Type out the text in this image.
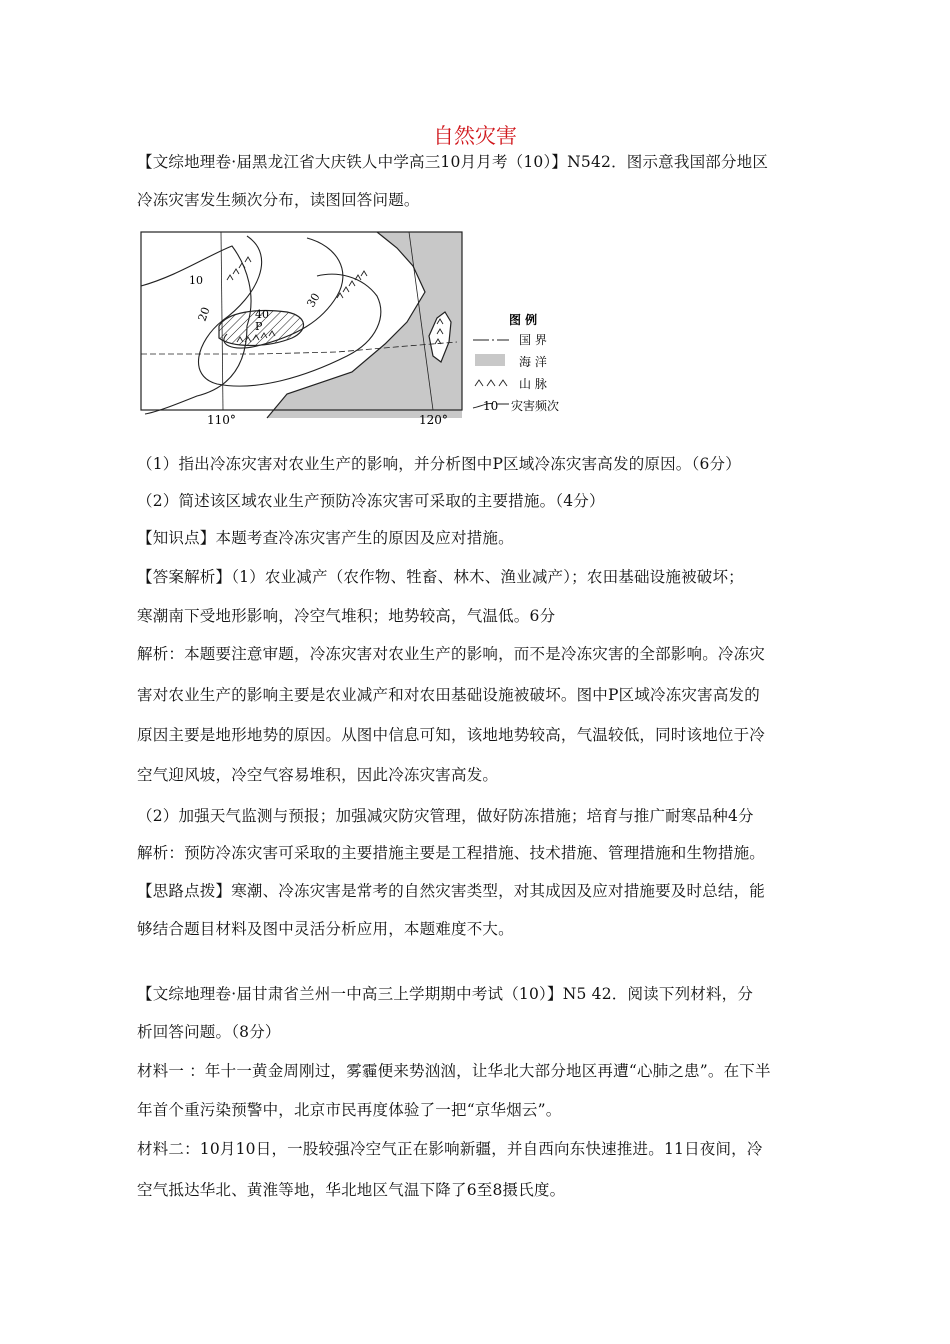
自然灾害
【文综地理卷·届黑龙江省大庆铁人中学高三10月月考（10）】N542．图示意我国部分地区
冷冻灾害发生频次分布，读图回答问题。
10
20
30
40
P
110°	120°
图 例
国 界
海 洋
山 脉
10 灾害频次
（1）指出冷冻灾害对农业生产的影响，并分析图中P区域冷冻灾害高发的原因。（6分）
（2）简述该区域农业生产预防冷冻灾害可采取的主要措施。（4分）
【知识点】本题考查冷冻灾害产生的原因及应对措施。
【答案解析】（1）农业减产（农作物、牲畜、林木、渔业减产）；农田基础设施被破坏；
寒潮南下受地形影响，冷空气堆积；地势较高，气温低。6分
解析：本题要注意审题，冷冻灾害对农业生产的影响，而不是冷冻灾害的全部影响。冷冻灾
害对农业生产的影响主要是农业减产和对农田基础设施被破坏。图中P区域冷冻灾害高发的
原因主要是地形地势的原因。从图中信息可知，该地地势较高，气温较低，同时该地位于冷
空气迎风坡，冷空气容易堆积，因此冷冻灾害高发。
（2）加强天气监测与预报；加强减灾防灾管理，做好防冻措施；培育与推广耐寒品种4分
解析：预防冷冻灾害可采取的主要措施主要是工程措施、技术措施、管理措施和生物措施。
【思路点拨】寒潮、冷冻灾害是常考的自然灾害类型，对其成因及应对措施要及时总结，能
够结合题目材料及图中灵活分析应用，本题难度不大。
【文综地理卷·届甘肃省兰州一中高三上学期期中考试（10）】N5 42．阅读下列材料，分
析回答问题。（8分）
材料一 ：年十一黄金周刚过，雾霾便来势汹汹，让华北大部分地区再遭“心肺之患”。在下半
年首个重污染预警中，北京市民再度体验了一把“京华烟云”。
材料二：10月10日，一股较强冷空气正在影响新疆，并自西向东快速推进。11日夜间，冷
空气抵达华北、黄淮等地，华北地区气温下降了6至8摄氏度。
